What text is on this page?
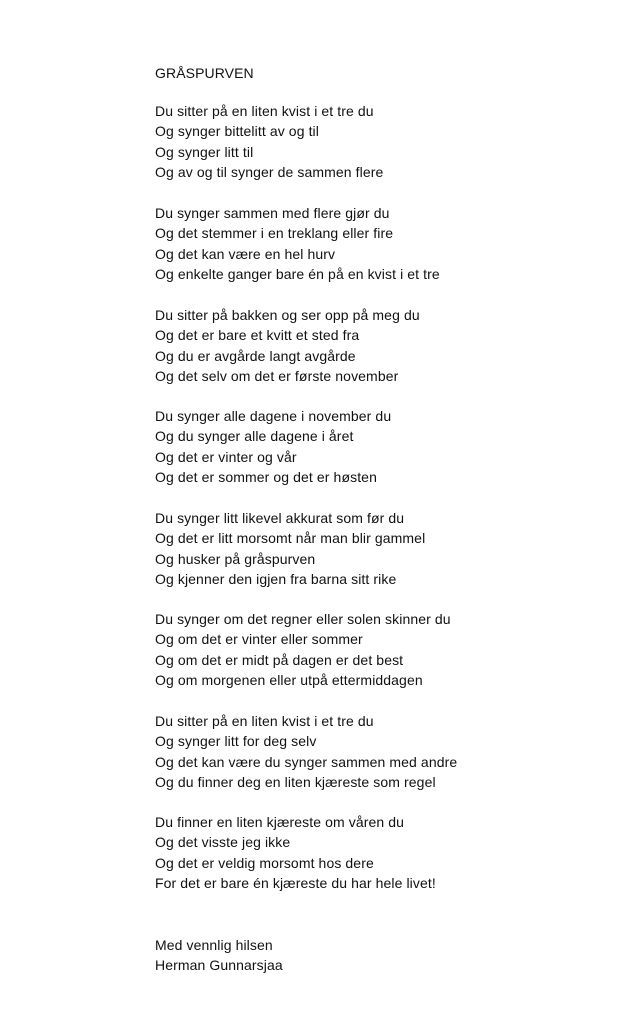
GRÅSPURVEN
Du sitter på en liten kvist i et tre du
Og synger bittelitt av og til
Og synger litt til
Og av og til synger de sammen flere
Du synger sammen med flere gjør du
Og det stemmer i en treklang eller fire
Og det kan være en hel hurv
Og enkelte ganger bare én på en kvist i et tre
Du sitter på bakken og ser opp på meg du
Og det er bare et kvitt et sted fra
Og du er avgårde langt avgårde
Og det selv om det er første november
Du synger alle dagene i november du
Og du synger alle dagene i året
Og det er vinter og vår
Og det er sommer og det er høsten
Du synger litt likevel akkurat som før du
Og det er litt morsomt når man blir gammel
Og husker på gråspurven
Og kjenner den igjen fra barna sitt rike
Du synger om det regner eller solen skinner du
Og om det er vinter eller sommer
Og om det er midt på dagen er det best
Og om morgenen eller utpå ettermiddagen
Du sitter på en liten kvist i et tre du
Og synger litt for deg selv
Og det kan være du synger sammen med andre
Og du finner deg en liten kjæreste som regel
Du finner en liten kjæreste om våren du
Og det visste jeg ikke
Og det er veldig morsomt hos dere
For det er bare én kjæreste du har hele livet!
Med vennlig hilsen
Herman Gunnarsjaa
